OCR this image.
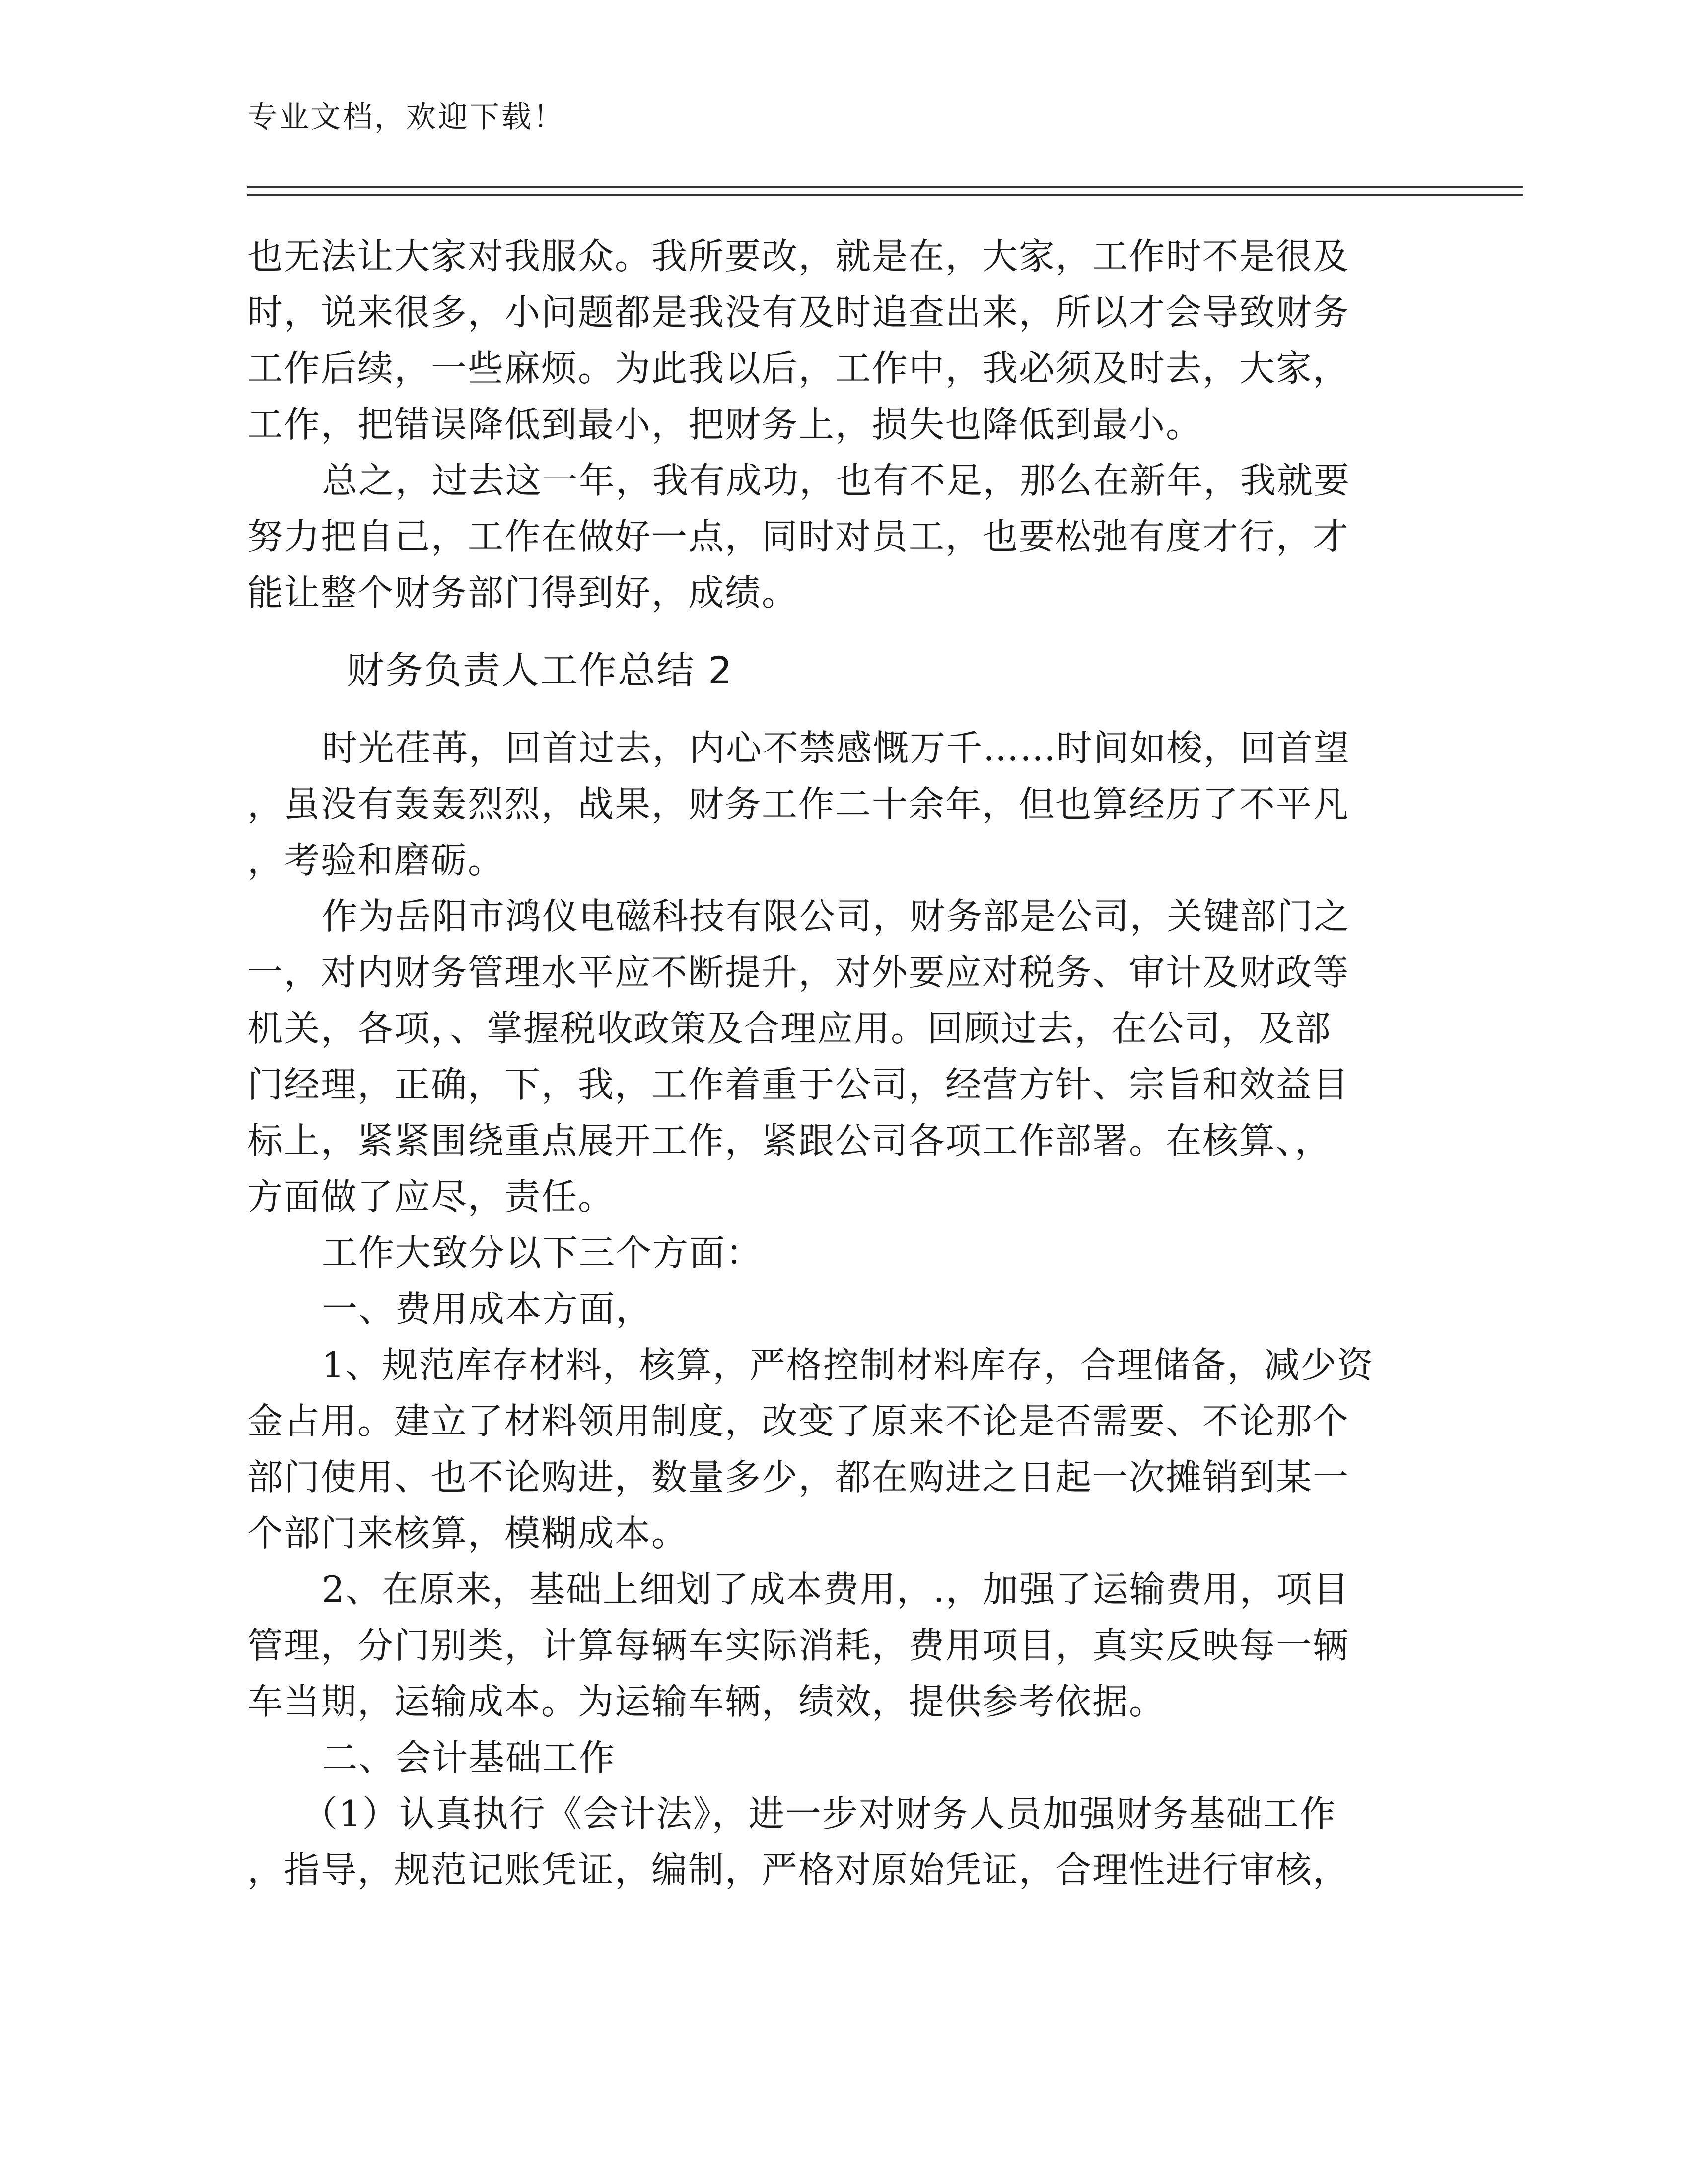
专业文档，欢迎下载！
也无法让大家对我服众。我所要改，就是在，大家，工作时不是很及
时，说来很多，小问题都是我没有及时追查出来，所以才会导致财务
工作后续，一些麻烦。为此我以后，工作中，我必须及时去，大家，
工作，把错误降低到最小，把财务上，损失也降低到最小。
总之，过去这一年，我有成功，也有不足，那么在新年，我就要
努力把自己，工作在做好一点，同时对员工，也要松弛有度才行，才
能让整个财务部门得到好，成绩。
财务负责人工作总结 2
时光荏苒，回首过去，内心不禁感慨万千……时间如梭，回首望
，虽没有轰轰烈烈，战果，财务工作二十余年，但也算经历了不平凡
，考验和磨砺。
作为岳阳市鸿仪电磁科技有限公司，财务部是公司，关键部门之
一，对内财务管理水平应不断提升，对外要应对税务、审计及财政等
机关，各项，、掌握税收政策及合理应用。回顾过去，在公司，及部
门经理，正确，下，我，工作着重于公司，经营方针、宗旨和效益目
标上，紧紧围绕重点展开工作，紧跟公司各项工作部署。在核算、，
方面做了应尽，责任。
工作大致分以下三个方面：
一、费用成本方面，
1、规范库存材料，核算，严格控制材料库存，合理储备，减少资
金占用。建立了材料领用制度，改变了原来不论是否需要、不论那个
部门使用、也不论购进，数量多少，都在购进之日起一次摊销到某一
个部门来核算，模糊成本。
2、在原来，基础上细划了成本费用，.，加强了运输费用，项目
管理，分门别类，计算每辆车实际消耗，费用项目，真实反映每一辆
车当期，运输成本。为运输车辆，绩效，提供参考依据。
二、会计基础工作
（1）认真执行《会计法》，进一步对财务人员加强财务基础工作
，指导，规范记账凭证，编制，严格对原始凭证，合理性进行审核，
